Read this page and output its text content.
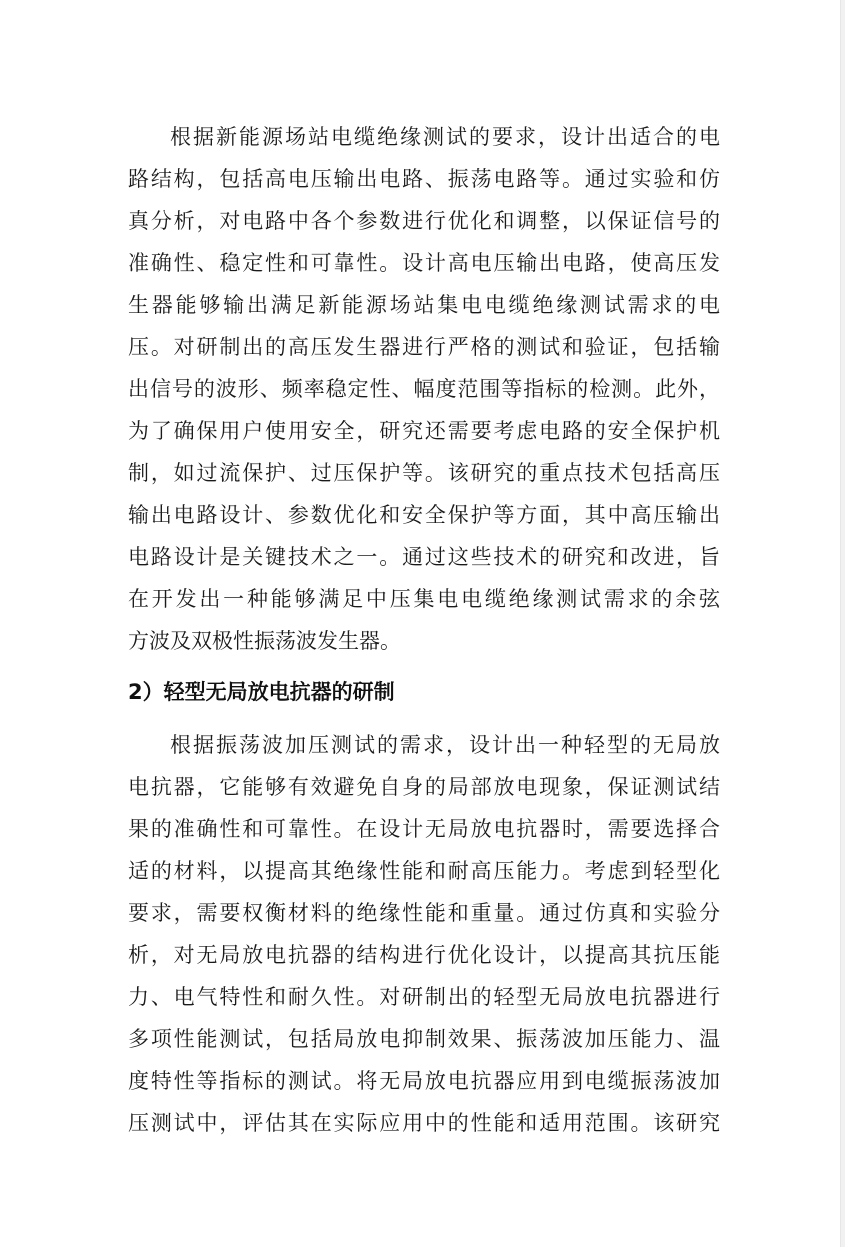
根据新能源场站电缆绝缘测试的要求，设计出适合的电
路结构，包括高电压输出电路、振荡电路等。通过实验和仿
真分析，对电路中各个参数进行优化和调整，以保证信号的
准确性、稳定性和可靠性。设计高电压输出电路，使高压发
生器能够输出满足新能源场站集电电缆绝缘测试需求的电
压。对研制出的高压发生器进行严格的测试和验证，包括输
出信号的波形、频率稳定性、幅度范围等指标的检测。此外，
为了确保用户使用安全，研究还需要考虑电路的安全保护机
制，如过流保护、过压保护等。该研究的重点技术包括高压
输出电路设计、参数优化和安全保护等方面，其中高压输出
电路设计是关键技术之一。通过这些技术的研究和改进，旨
在开发出一种能够满足中压集电电缆绝缘测试需求的余弦
方波及双极性振荡波发生器。
2）轻型无局放电抗器的研制
根据振荡波加压测试的需求，设计出一种轻型的无局放
电抗器，它能够有效避免自身的局部放电现象，保证测试结
果的准确性和可靠性。在设计无局放电抗器时，需要选择合
适的材料，以提高其绝缘性能和耐高压能力。考虑到轻型化
要求，需要权衡材料的绝缘性能和重量。通过仿真和实验分
析，对无局放电抗器的结构进行优化设计，以提高其抗压能
力、电气特性和耐久性。对研制出的轻型无局放电抗器进行
多项性能测试，包括局放电抑制效果、振荡波加压能力、温
度特性等指标的测试。将无局放电抗器应用到电缆振荡波加
压测试中，评估其在实际应用中的性能和适用范围。该研究
